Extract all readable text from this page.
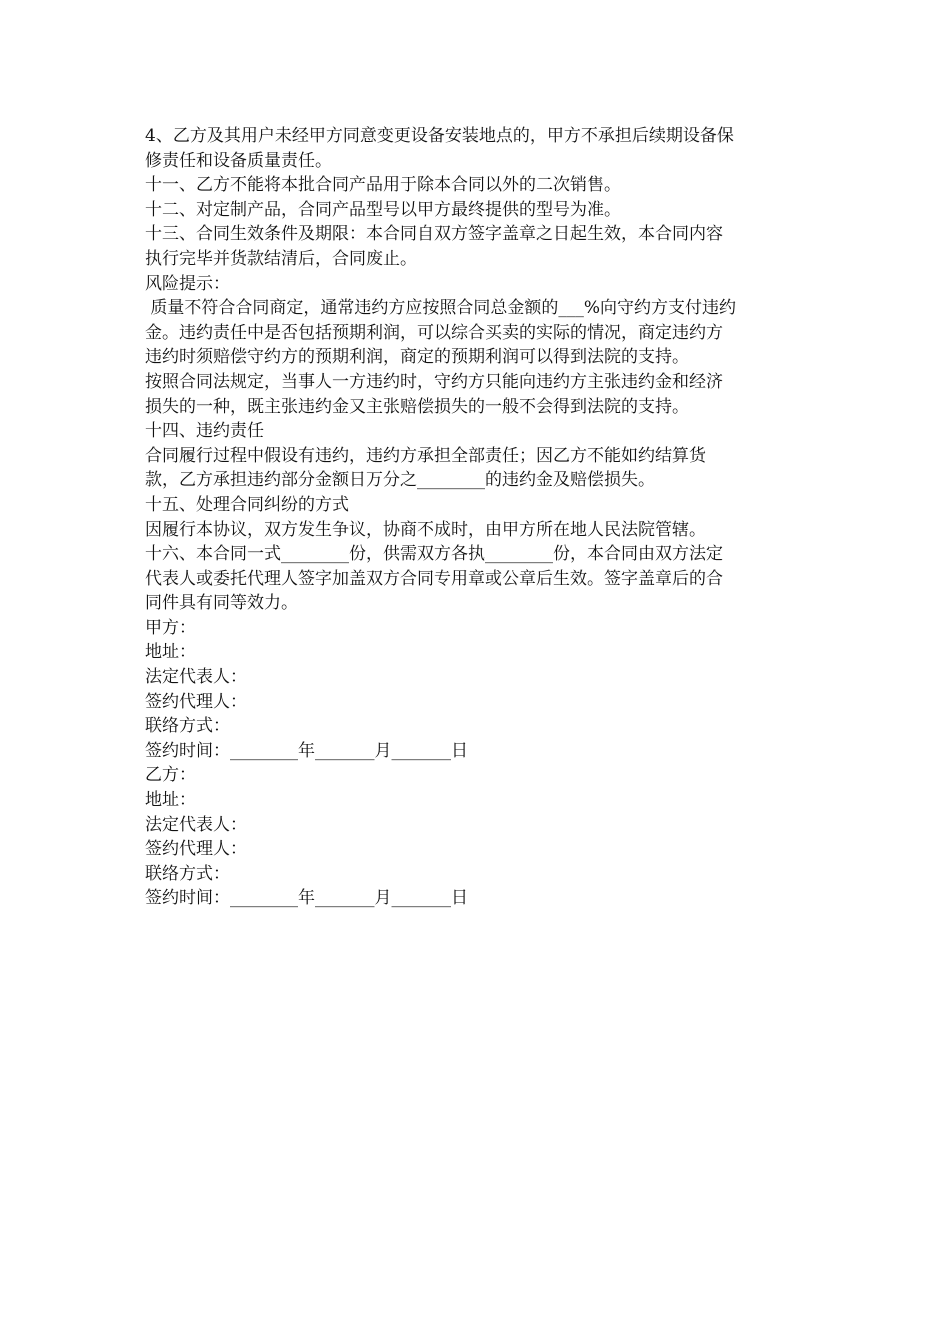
4、乙方及其用户未经甲方同意变更设备安装地点的，甲方不承担后续期设备保
修责任和设备质量责任。
十一、乙方不能将本批合同产品用于除本合同以外的二次销售。
十二、对定制产品，合同产品型号以甲方最终提供的型号为准。
十三、合同生效条件及期限：本合同自双方签字盖章之日起生效，本合同内容
执行完毕并货款结清后，合同废止。
风险提示：
质量不符合合同商定，通常违约方应按照合同总金额的___%向守约方支付违约
金。违约责任中是否包括预期利润，可以综合买卖的实际的情况，商定违约方
违约时须赔偿守约方的预期利润，商定的预期利润可以得到法院的支持。
按照合同法规定，当事人一方违约时，守约方只能向违约方主张违约金和经济
损失的一种，既主张违约金又主张赔偿损失的一般不会得到法院的支持。
十四、违约责任
合同履行过程中假设有违约，违约方承担全部责任；因乙方不能如约结算货
款，乙方承担违约部分金额日万分之________的违约金及赔偿损失。
十五、处理合同纠纷的方式
因履行本协议，双方发生争议，协商不成时，由甲方所在地人民法院管辖。
十六、本合同一式________份，供需双方各执________份，本合同由双方法定
代表人或委托代理人签字加盖双方合同专用章或公章后生效。签字盖章后的合
同件具有同等效力。
甲方：
地址：
法定代表人：
签约代理人：
联络方式：
签约时间：________年_______月_______日
乙方：
地址：
法定代表人：
签约代理人：
联络方式：
签约时间：________年_______月_______日
